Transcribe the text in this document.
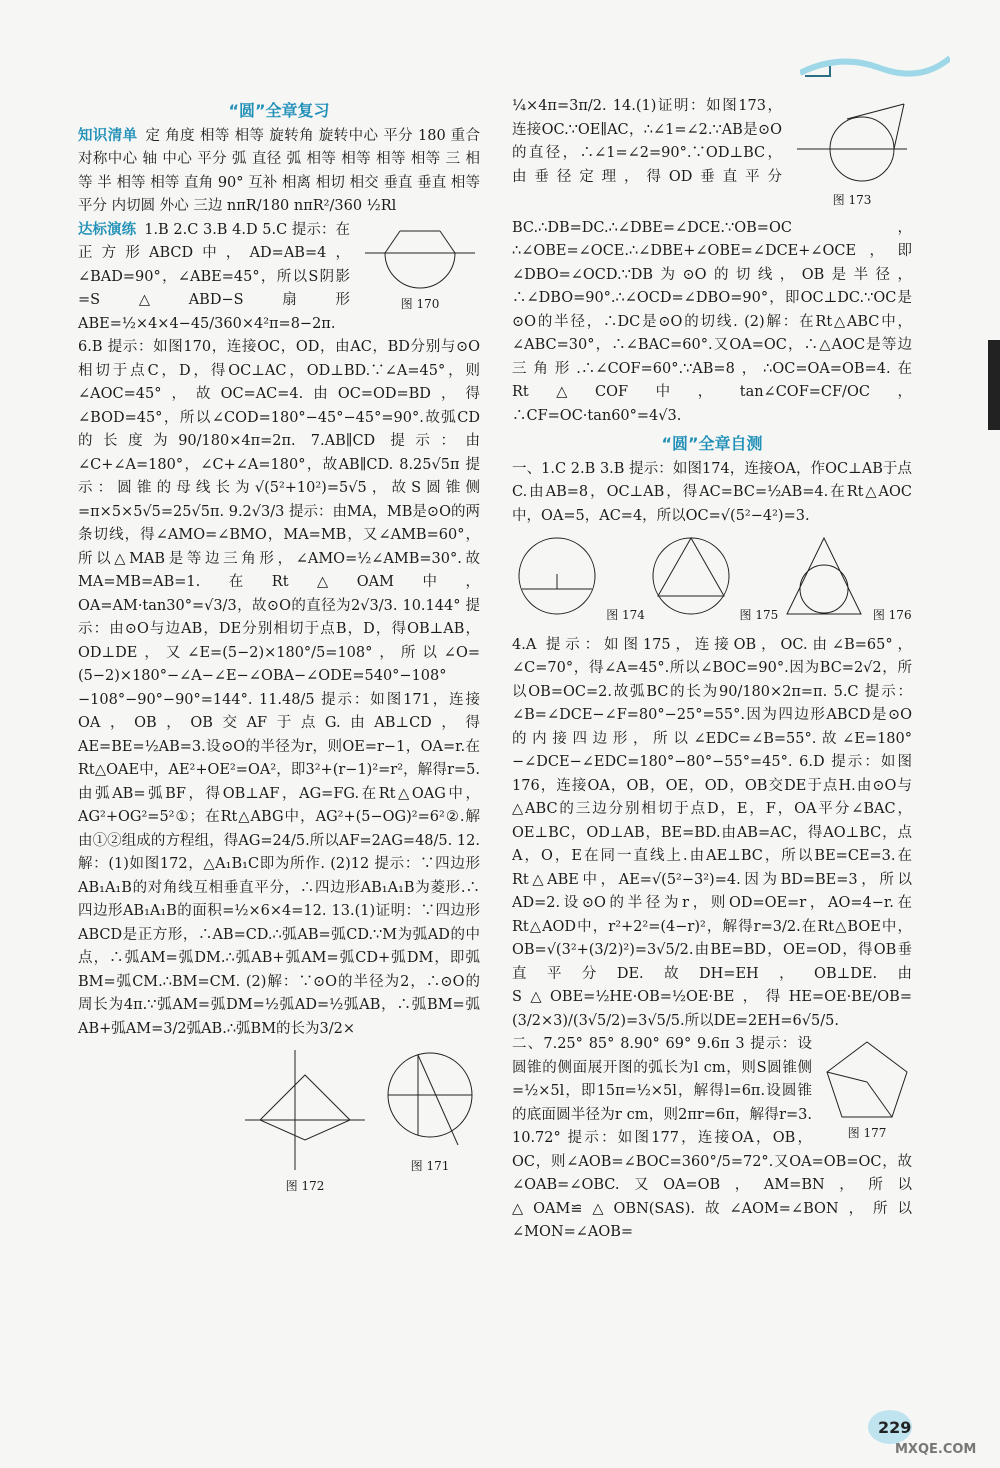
“圆”全章复习

知识清单 定 角度 相等 相等 旋转角 旋转中心 平分 180 重合 对称中心 轴 中心 平分 弧 直径 弧 相等 相等 相等 相等 三 相等 半 相等 相等 直角 90° 互补 相离 相切 相交 垂直 垂直 相等 平分 内切圆 外心 三边 nπR/180 nπR²/360 ½Rl

图 170

达标演练 1.B 2.C 3.B 4.D 5.C 提示：在正方形ABCD中，AD=AB=4，∠BAD=90°，∠ABE=45°，所以S阴影=S△ABD−S扇形ABE=½×4×4−45/360×4²π=8−2π. 6.B 提示：如图170，连接OC，OD，由AC，BD分别与⊙O相切于点C，D，得OC⊥AC，OD⊥BD.∵∠A=45°，则∠AOC=45°，故OC=AC=4.由OC=OD=BD，得∠BOD=45°，所以∠COD=180°−45°−45°=90°.故弧CD的长度为90/180×4π=2π. 7.AB∥CD 提示：由∠C+∠A=180°，∠C+∠A=180°，故AB∥CD. 8.25√5π 提示：圆锥的母线长为√(5²+10²)=5√5，故S圆锥侧=π×5×5√5=25√5π. 9.2√3/3 提示：由MA，MB是⊙O的两条切线，得∠AMO=∠BMO，MA=MB，又∠AMB=60°，所以△MAB是等边三角形，∠AMO=½∠AMB=30°.故MA=MB=AB=1.在Rt△OAM中，OA=AM·tan30°=√3/3，故⊙O的直径为2√3/3. 10.144° 提示：由⊙O与边AB，DE分别相切于点B，D，得OB⊥AB，OD⊥DE，又∠E=(5−2)×180°/5=108°，所以∠O=(5−2)×180°−∠A−∠E−∠OBA−∠ODE=540°−108°−108°−90°−90°=144°. 11.48/5 提示：如图171，连接OA，OB，OB交AF于点G.由AB⊥CD，得AE=BE=½AB=3.设⊙O的半径为r，则OE=r−1，OA=r.在Rt△OAE中，AE²+OE²=OA²，即3²+(r−1)²=r²，解得r=5.由弧AB=弧BF，得OB⊥AF，AG=FG.在Rt△OAG中，AG²+OG²=5²①；在Rt△ABG中，AG²+(5−OG)²=6²②.解由①②组成的方程组，得AG=24/5.所以AF=2AG=48/5. 12.解：(1)如图172，△A₁B₁C即为所作. (2)12 提示：∵四边形AB₁A₁B的对角线互相垂直平分，∴四边形AB₁A₁B为菱形.∴四边形AB₁A₁B的面积=½×6×4=12. 13.(1)证明：∵四边形ABCD是正方形，∴AB=CD.∴弧AB=弧CD.∵M为弧AD的中点，∴弧AM=弧DM.∴弧AB+弧AM=弧CD+弧DM，即弧BM=弧CM.∴BM=CM. (2)解：∵⊙O的半径为2，∴⊙O的周长为4π.∵弧AM=弧DM=½弧AD=½弧AB，∴弧BM=弧AB+弧AM=3/2弧AB.∴弧BM的长为3/2×

图 171
图 172
图 173

¼×4π=3π/2. 14.(1)证明：如图173，连接OC.∵OE∥AC，∴∠1=∠2.∵AB是⊙O的直径，∴∠1=∠2=90°.∵OD⊥BC，由垂径定理，得OD垂直平分BC.∴DB=DC.∴∠DBE=∠DCE.∵OB=OC，∴∠OBE=∠OCE.∴∠DBE+∠OBE=∠DCE+∠OCE，即∠DBO=∠OCD.∵DB为⊙O的切线，OB是半径，∴∠DBO=90°.∴∠OCD=∠DBO=90°，即OC⊥DC.∵OC是⊙O的半径，∴DC是⊙O的切线. (2)解：在Rt△ABC中，∠ABC=30°，∴∠BAC=60°.又OA=OC，∴△AOC是等边三角形.∴∠COF=60°.∵AB=8，∴OC=OA=OB=4.在Rt△COF中，tan∠COF=CF/OC，∴CF=OC·tan60°=4√3.

“圆”全章自测

一、1.C 2.B 3.B 提示：如图174，连接OA，作OC⊥AB于点C.由AB=8，OC⊥AB，得AC=BC=½AB=4.在Rt△AOC中，OA=5，AC=4，所以OC=√(5²−4²)=3.

图 174	图 175	图 176

4.A 提示：如图175，连接OB，OC.由∠B=65°，∠C=70°，得∠A=45°.所以∠BOC=90°.因为BC=2√2，所以OB=OC=2.故弧BC的长为90/180×2π=π. 5.C 提示：∠B=∠DCE−∠F=80°−25°=55°.因为四边形ABCD是⊙O的内接四边形，所以∠EDC=∠B=55°.故∠E=180°−∠DCE−∠EDC=180°−80°−55°=45°. 6.D 提示：如图176，连接OA，OB，OE，OD，OB交DE于点H.由⊙O与△ABC的三边分别相切于点D，E，F，OA平分∠BAC，OE⊥BC，OD⊥AB，BE=BD.由AB=AC，得AO⊥BC，点A，O，E在同一直线上.由AE⊥BC，所以BE=CE=3.在Rt△ABE中，AE=√(5²−3²)=4.因为BD=BE=3，所以AD=2.设⊙O的半径为r，则OD=OE=r，AO=4−r.在Rt△AOD中，r²+2²=(4−r)²，解得r=3/2.在Rt△BOE中，OB=√(3²+(3/2)²)=3√5/2.由BE=BD，OE=OD，得OB垂直平分DE.故DH=EH，OB⊥DE.由S△OBE=½HE·OB=½OE·BE，得HE=OE·BE/OB=(3/2×3)/(3√5/2)=3√5/5.所以DE=2EH=6√5/5.

图 177

二、7.25° 85° 8.90° 69° 9.6π 3 提示：设圆锥的侧面展开图的弧长为l cm，则S圆锥侧=½×5l，即15π=½×5l，解得l=6π.设圆锥的底面圆半径为r cm，则2πr=6π，解得r=3. 10.72° 提示：如图177，连接OA，OB，OC，则∠AOB=∠BOC=360°/5=72°.又OA=OB=OC，故∠OAB=∠OBC.又OA=OB，AM=BN，所以△OAM≌△OBN(SAS).故∠AOM=∠BON，所以∠MON=∠AOB=

229
MXQE.COM
